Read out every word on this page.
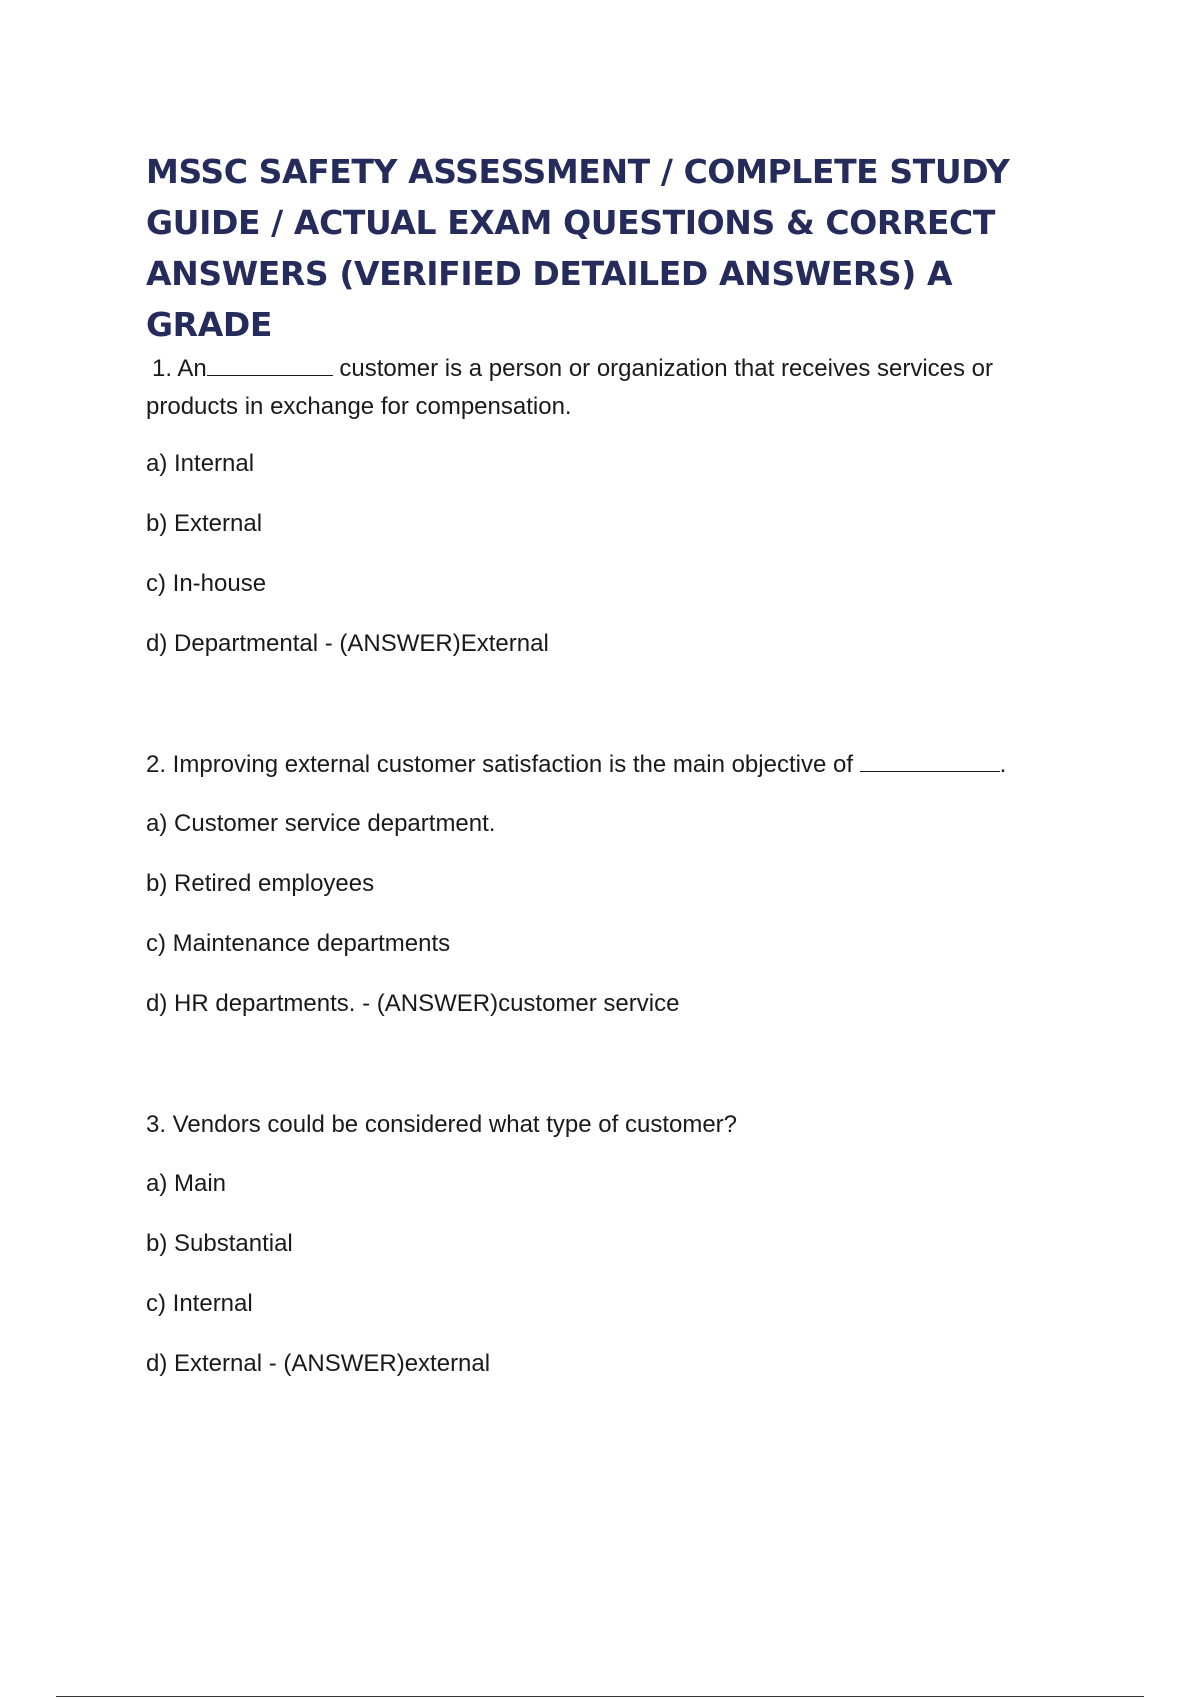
MSSC SAFETY ASSESSMENT / COMPLETE STUDY GUIDE / ACTUAL EXAM QUESTIONS & CORRECT ANSWERS (VERIFIED DETAILED ANSWERS) A GRADE

1. An	customer is a person or organization that receives services or
products in exchange for compensation.

a) Internal
b) External
c) In-house
d) Departmental - (ANSWER)External

2. Improving external customer satisfaction is the main objective of	.

a) Customer service department.
b) Retired employees
c) Maintenance departments
d) HR departments. - (ANSWER)customer service

3. Vendors could be considered what type of customer?

a) Main
b) Substantial
c) Internal
d) External - (ANSWER)external
